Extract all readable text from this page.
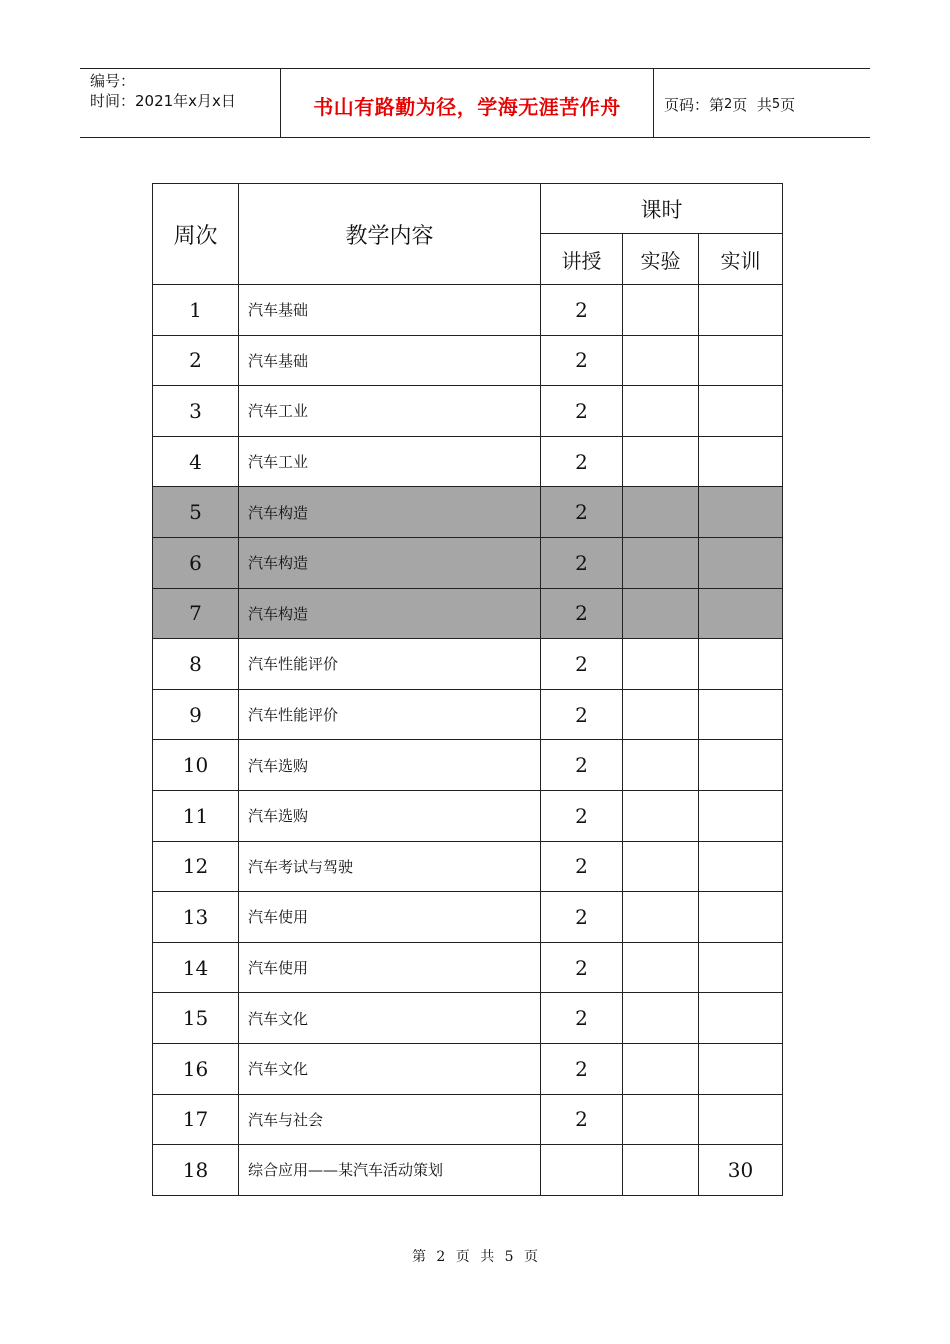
编号：
时间：2021年x月x日	书山有路勤为径，学海无涯苦作舟	页码：第 2 页  共 5 页
周次	教学内容	课时		
		讲授	实验	实训
1	汽车基础	2		
2	汽车基础	2		
3	汽车工业	2		
4	汽车工业	2		
5	汽车构造	2		
6	汽车构造	2		
7	汽车构造	2		
8	汽车性能评价	2		
9	汽车性能评价	2		
10	汽车选购	2		
11	汽车选购	2		
12	汽车考试与驾驶	2		
13	汽车使用	2		
14	汽车使用	2		
15	汽车文化	2		
16	汽车文化	2		
17	汽车与社会	2		
18	综合应用——某汽车活动策划			30
第 2 页 共 5 页
